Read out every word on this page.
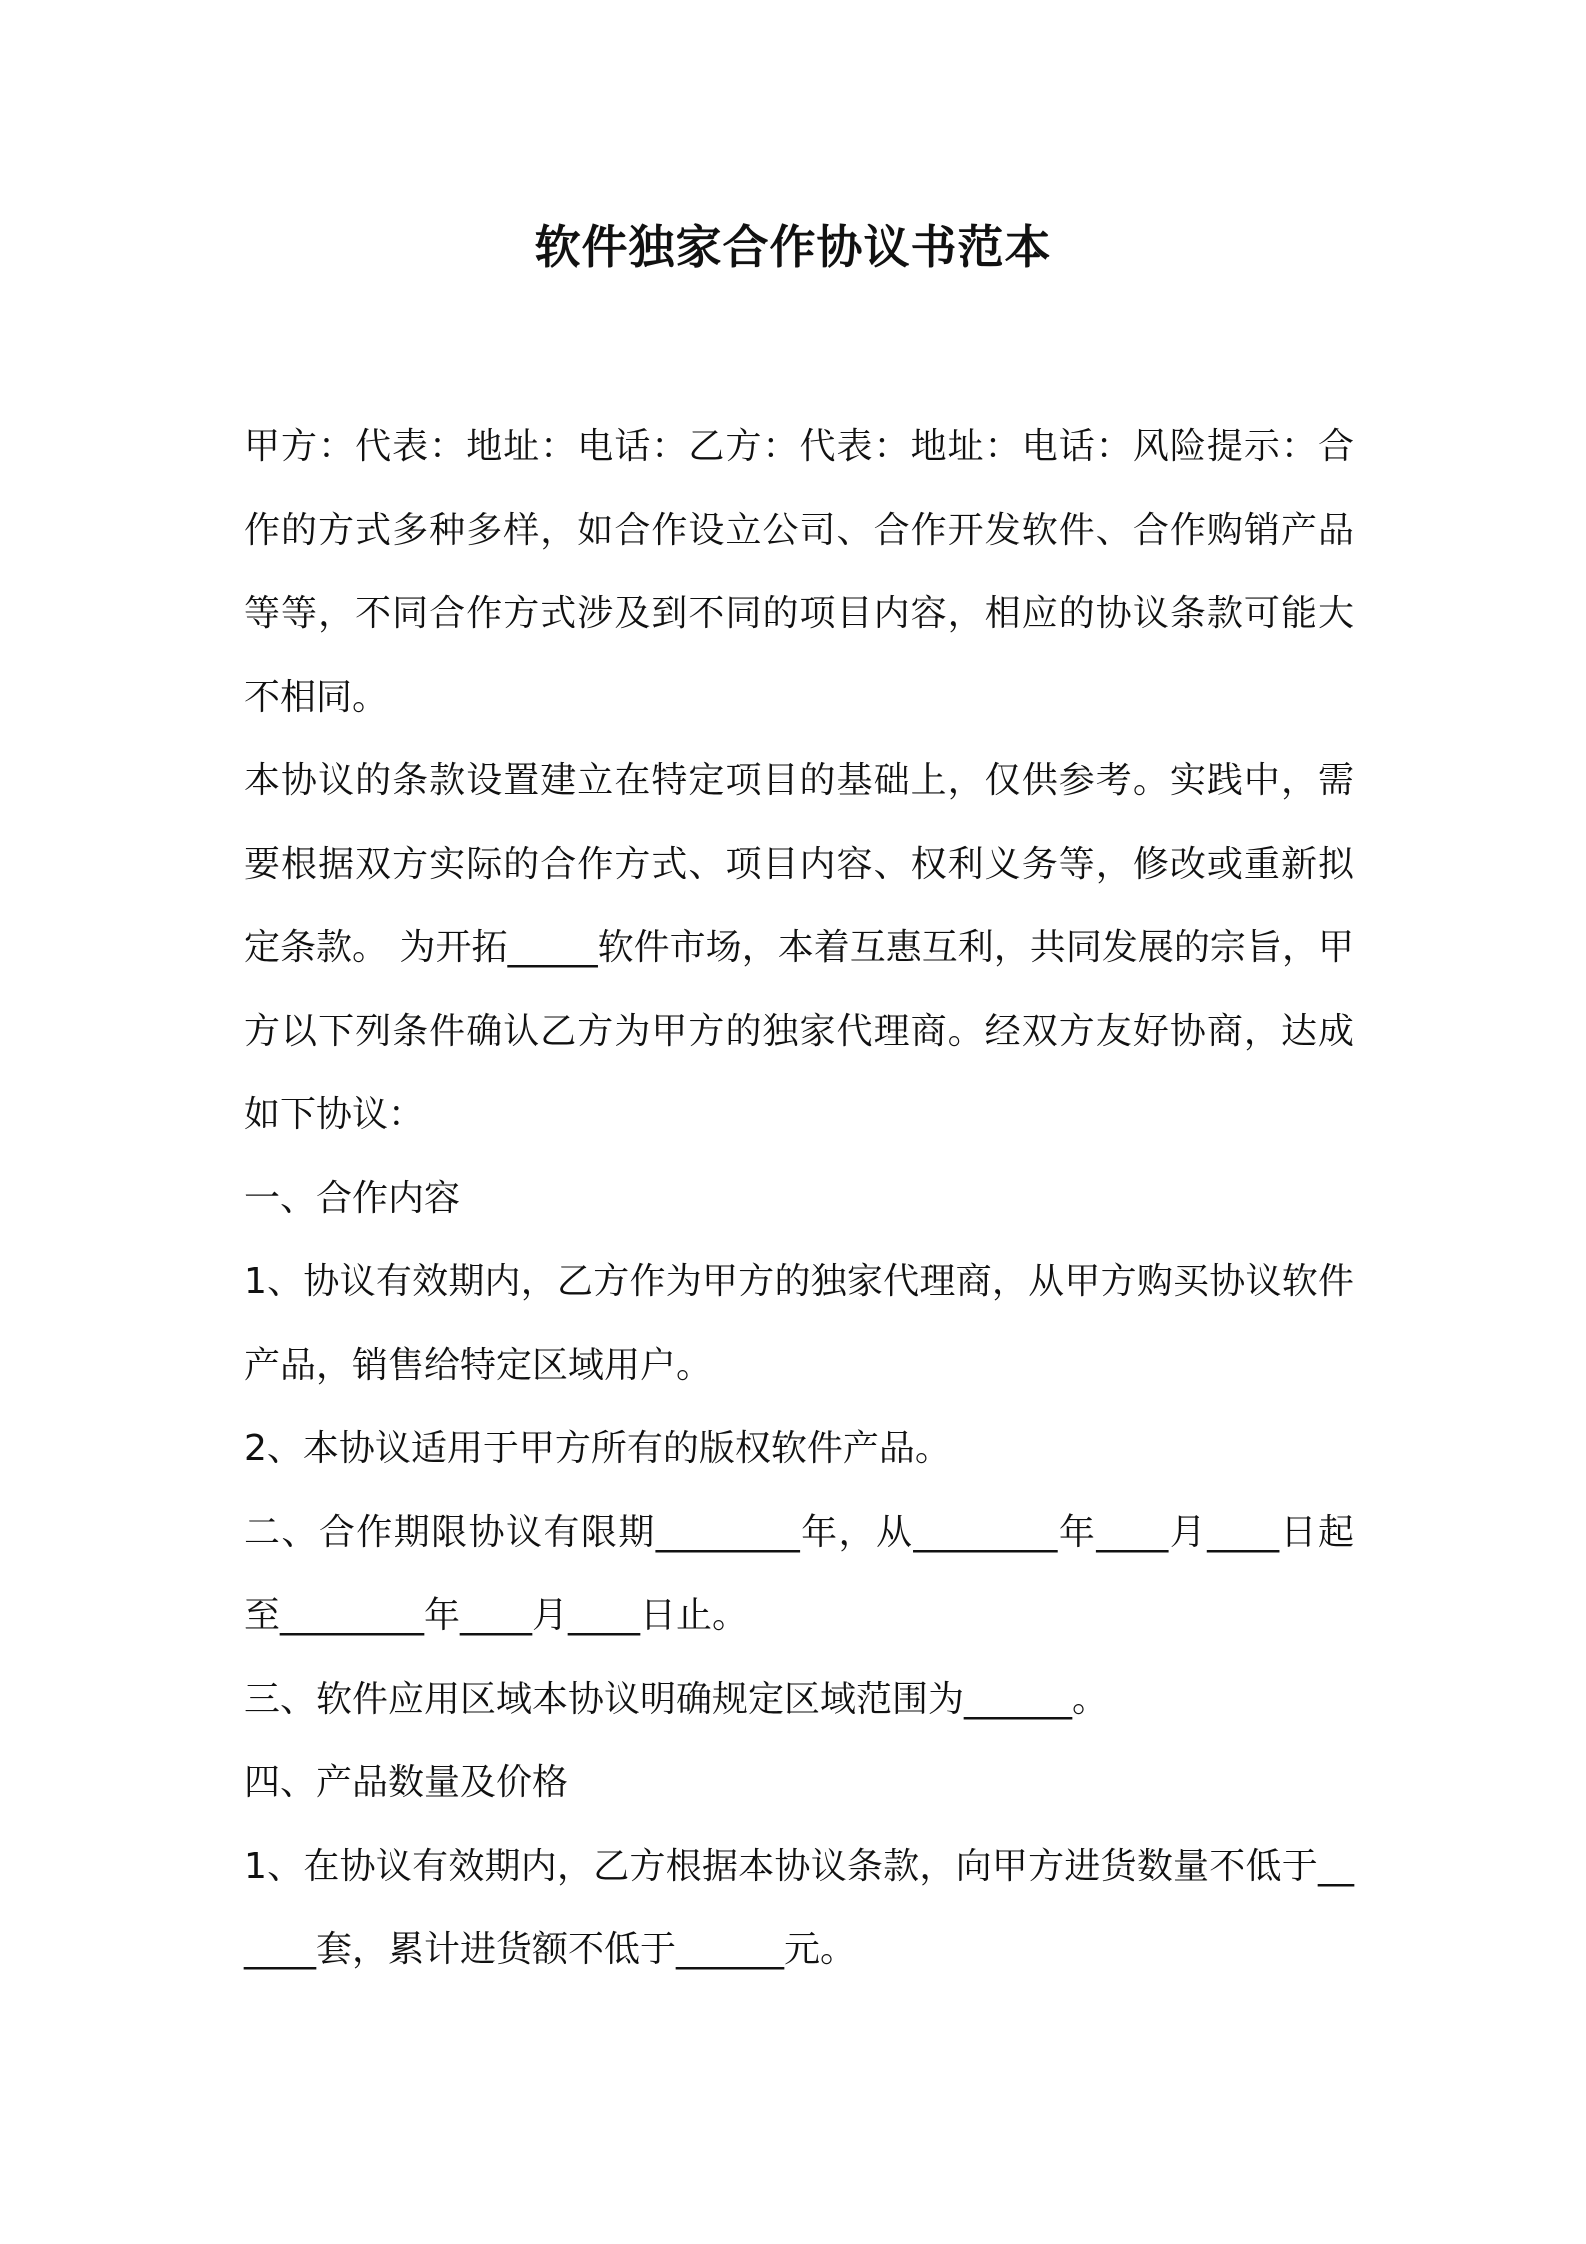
软件独家合作协议书范本

甲方：代表：地址：电话：乙方：代表：地址：电话：风险提示：合作的方式多种多样，如合作设立公司、合作开发软件、合作购销产品等等，不同合作方式涉及到不同的项目内容，相应的协议条款可能大不相同。

本协议的条款设置建立在特定项目的基础上，仅供参考。实践中，需要根据双方实际的合作方式、项目内容、权利义务等，修改或重新拟定条款。 为开拓_____软件市场，本着互惠互利，共同发展的宗旨，甲方以下列条件确认乙方为甲方的独家代理商。经双方友好协商，达成如下协议：

一、合作内容

1、协议有效期内，乙方作为甲方的独家代理商，从甲方购买协议软件产品，销售给特定区域用户。

2、本协议适用于甲方所有的版权软件产品。

二、合作期限协议有限期________年，从________年____月____日起至________年____月____日止。

三、软件应用区域本协议明确规定区域范围为______。

四、产品数量及价格

1、在协议有效期内，乙方根据本协议条款，向甲方进货数量不低于______套，累计进货额不低于______元。
